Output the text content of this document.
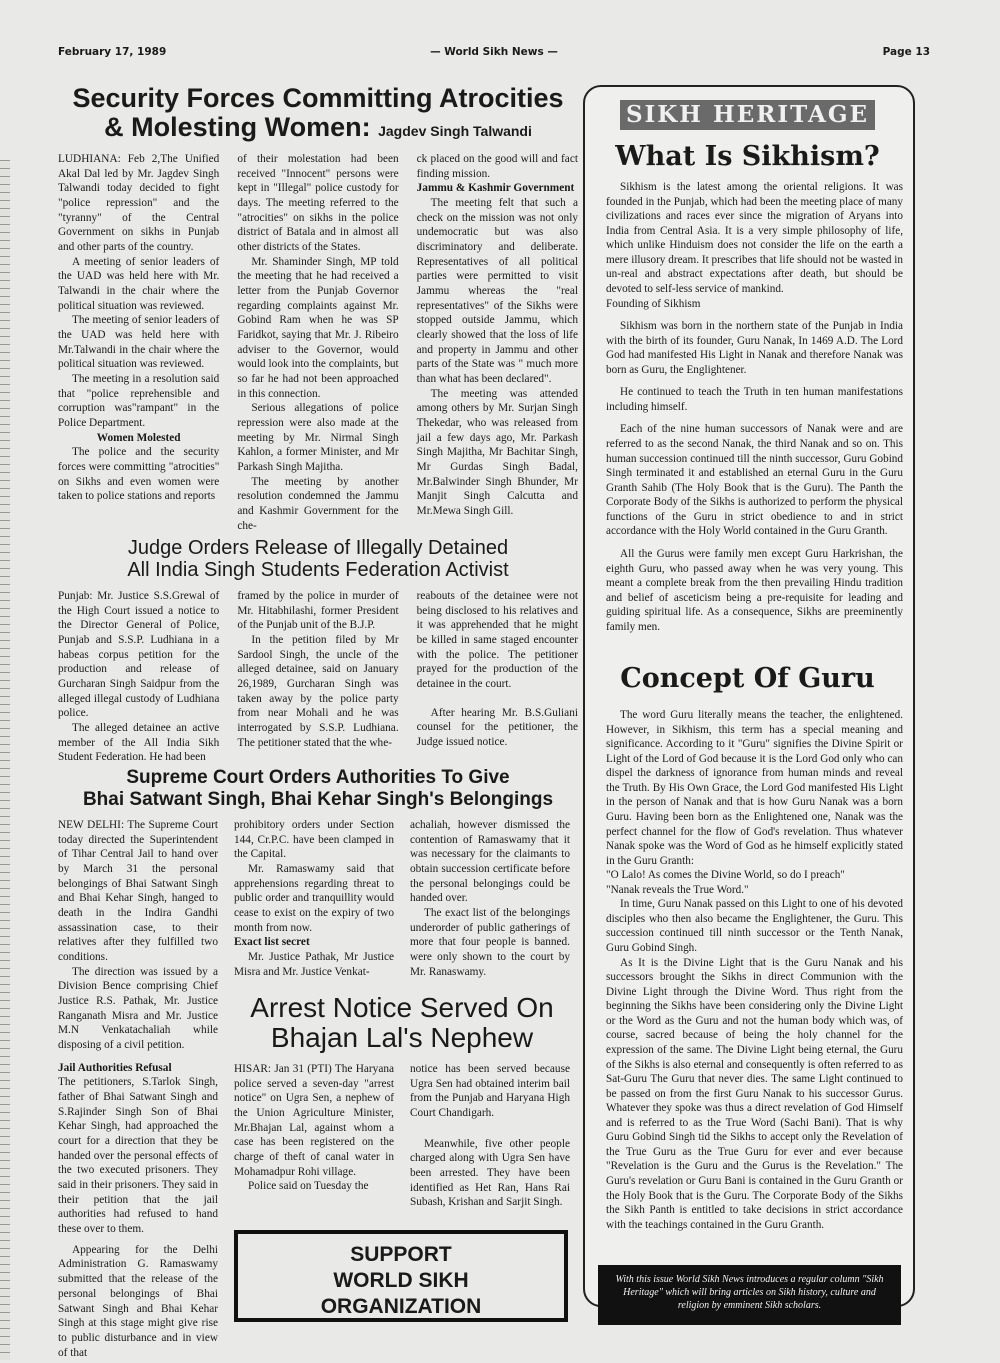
February 17, 1989	— World Sikh News —	Page 13
Security Forces Committing Atrocities
& Molesting Women: Jagdev Singh Talwandi

LUDHIANA: Feb 2,The Unified Akal Dal led by Mr. Jagdev Singh Talwandi today decided to fight "police repression" and the "tyranny" of the Central Government on sikhs in Punjab and other parts of the country.

A meeting of senior leaders of the UAD was held here with Mr. Talwandi in the chair where the political situation was reviewed.

The meeting of senior leaders of the UAD was held here with Mr.Talwandi in the chair where the political situation was reviewed.

The meeting in a resolution said that "police reprehensible and corruption was"rampant" in the Police Department.

Women Molested

The police and the security forces were committing "atrocities" on Sikhs and even women were taken to police stations and reports

of their molestation had been received "Innocent" persons were kept in "Illegal" police custody for days. The meeting referred to the "atrocities" on sikhs in the police district of Batala and in almost all other districts of the States.

Mr. Shaminder Singh, MP told the meeting that he had received a letter from the Punjab Governor regarding complaints against Mr. Gobind Ram when he was SP Faridkot, saying that Mr. J. Ribeiro adviser to the Governor, would would look into the complaints, but so far he had not been approached in this connection.

Serious allegations of police repression were also made at the meeting by Mr. Nirmal Singh Kahlon, a former Minister, and Mr Parkash Singh Majitha.

The meeting by another resolution condemned the Jammu and Kashmir Government for the che-

ck placed on the good will and fact finding mission.

Jammu & Kashmir Government

The meeting felt that such a check on the mission was not only undemocratic but was also discriminatory and deliberate. Representatives of all political parties were permitted to visit Jammu whereas the "real representatives" of the Sikhs were stopped outside Jammu, which clearly showed that the loss of life and property in Jammu and other parts of the State was " much more than what has been declared".

The meeting was attended among others by Mr. Surjan Singh Thekedar, who was released from jail a few days ago, Mr. Parkash Singh Majitha, Mr Bachitar Singh, Mr Gurdas Singh Badal, Mr.Balwinder Singh Bhunder, Mr Manjit Singh Calcutta and Mr.Mewa Singh Gill.

Judge Orders Release of Illegally Detained
All India Singh Students Federation Activist

Punjab: Mr. Justice S.S.Grewal of the High Court issued a notice to the Director General of Police, Punjab and S.S.P. Ludhiana in a habeas corpus petition for the production and release of Gurcharan Singh Saidpur from the alleged illegal custody of Ludhiana police.

The alleged detainee an active member of the All India Sikh Student Federation. He had been

framed by the police in murder of Mr. Hitabhilashi, former President of the Punjab unit of the B.J.P.

In the petition filed by Mr Sardool Singh, the uncle of the alleged detainee, said on January 26,1989, Gurcharan Singh was taken away by the police party from near Mohali and he was interrogated by S.S.P. Ludhiana. The petitioner stated that the whe-

reabouts of the detainee were not being disclosed to his relatives and it was apprehended that he might be killed in same staged encounter with the police. The petitioner prayed for the production of the detainee in the court.

After hearing Mr. B.S.Guliani counsel for the petitioner, the Judge issued notice.

Supreme Court Orders Authorities To Give
Bhai Satwant Singh, Bhai Kehar Singh's Belongings

NEW DELHI: The Supreme Court today directed the Superintendent of Tihar Central Jail to hand over by March 31 the personal belongings of Bhai Satwant Singh and Bhai Kehar Singh, hanged to death in the Indira Gandhi assassination case, to their relatives after they fulfilled two conditions.

The direction was issued by a Division Bence comprising Chief Justice R.S. Pathak, Mr. Justice Ranganath Misra and Mr. Justice M.N Venkatachaliah while disposing of a civil petition.

Jail Authorities Refusal

The petitioners, S.Tarlok Singh, father of Bhai Satwant Singh and S.Rajinder Singh Son of Bhai Kehar Singh, had approached the court for a direction that they be handed over the personal effects of the two executed prisoners. They said in their prisoners. They said in their petition that the jail authorities had refused to hand these over to them.

Appearing for the Delhi Administration G. Ramaswamy submitted that the release of the personal belongings of Bhai Satwant Singh and Bhai Kehar Singh at this stage might give rise to public disturbance and in view of that

prohibitory orders under Section 144, Cr.P.C. have been clamped in the Capital.

Mr. Ramaswamy said that apprehensions regarding threat to public order and tranquillity would cease to exist on the expiry of two month from now.

Exact list secret

Mr. Justice Pathak, Mr Justice Misra and Mr. Justice Venkat-

achaliah, however dismissed the contention of Ramaswamy that it was necessary for the claimants to obtain succession certificate before the personal belongings could be handed over.

The exact list of the belongings underorder of public gatherings of more that four people is banned. were only shown to the court by Mr. Ranaswamy.

Arrest Notice Served On
Bhajan Lal's Nephew

HISAR: Jan 31 (PTI) The Haryana police served a seven-day "arrest notice" on Ugra Sen, a nephew of the Union Agriculture Minister, Mr.Bhajan Lal, against whom a case has been registered on the charge of theft of canal water in Mohamadpur Rohi village.

Police said on Tuesday the

notice has been served because Ugra Sen had obtained interim bail from the Punjab and Haryana High Court Chandigarh.

Meanwhile, five other people charged along with Ugra Sen have been arrested. They have been identified as Het Ran, Hans Rai Subash, Krishan and Sarjit Singh.

SUPPORT
WORLD SIKH
ORGANIZATION
SIKH HERITAGE
What Is Sikhism?

Sikhism is the latest among the oriental religions. It was founded in the Punjab, which had been the meeting place of many civilizations and races ever since the migration of Aryans into India from Central Asia. It is a very simple philosophy of life, which unlike Hinduism does not consider the life on the earth a mere illusory dream. It prescribes that life should not be wasted in un-real and abstract expectations after death, but should be devoted to self-less service of mankind.

Founding of Sikhism

Sikhism was born in the northern state of the Punjab in India with the birth of its founder, Guru Nanak, In 1469 A.D. The Lord God had manifested His Light in Nanak and therefore Nanak was born as Guru, the Englightener.

He continued to teach the Truth in ten human manifestations including himself.

Each of the nine human successors of Nanak were and are referred to as the second Nanak, the third Nanak and so on. This human succession continued till the ninth successor, Guru Gobind Singh terminated it and established an eternal Guru in the Guru Granth Sahib (The Holy Book that is the Guru). The Panth the Corporate Body of the Sikhs is authorized to perform the physical functions of the Guru in strict obedience to and in strict accordance with the Holy World contained in the Guru Granth.

All the Gurus were family men except Guru Harkrishan, the eighth Guru, who passed away when he was very young. This meant a complete break from the then prevailing Hindu tradition and belief of asceticism being a pre-requisite for leading and guiding spiritual life. As a consequence, Sikhs are preeminently family men.

Concept Of Guru

The word Guru literally means the teacher, the enlightened. However, in Sikhism, this term has a special meaning and significance. According to it "Guru" signifies the Divine Spirit or Light of the Lord of God because it is the Lord God only who can dispel the darkness of ignorance from human minds and reveal the Truth. By His Own Grace, the Lord God manifested His Light in the person of Nanak and that is how Guru Nanak was a born Guru. Having been born as the Enlightened one, Nanak was the perfect channel for the flow of God's revelation. Thus whatever Nanak spoke was the Word of God as he himself explicitly stated in the Guru Granth:

"O Lalo! As comes the Divine World, so do I preach"

"Nanak reveals the True Word."

In time, Guru Nanak passed on this Light to one of his devoted disciples who then also became the Englightener, the Guru. This succession continued till ninth successor or the Tenth Nanak, Guru Gobind Singh.

As It is the Divine Light that is the Guru Nanak and his successors brought the Sikhs in direct Communion with the Divine Light through the Divine Word. Thus right from the beginning the Sikhs have been considering only the Divine Light or the Word as the Guru and not the human body which was, of course, sacred because of being the holy channel for the expression of the same. The Divine Light being eternal, the Guru of the Sikhs is also eternal and consequently is often referred to as Sat-Guru The Guru that never dies. The same Light continued to be passed on from the first Guru Nanak to his successor Gurus. Whatever they spoke was thus a direct revelation of God Himself and is referred to as the True Word (Sachi Bani). That is why Guru Gobind Singh tid the Sikhs to accept only the Revelation of the True Guru as the True Guru for ever and ever because "Revelation is the Guru and the Gurus is the Revelation." The Guru's revelation or Guru Bani is contained in the Guru Granth or the Holy Book that is the Guru. The Corporate Body of the Sikhs the Sikh Panth is entitled to take decisions in strict accordance with the teachings contained in the Guru Granth.

With this issue World Sikh News introduces a regular column "Sikh Heritage" which will bring articles on Sikh history, culture and religion by emminent Sikh scholars.
